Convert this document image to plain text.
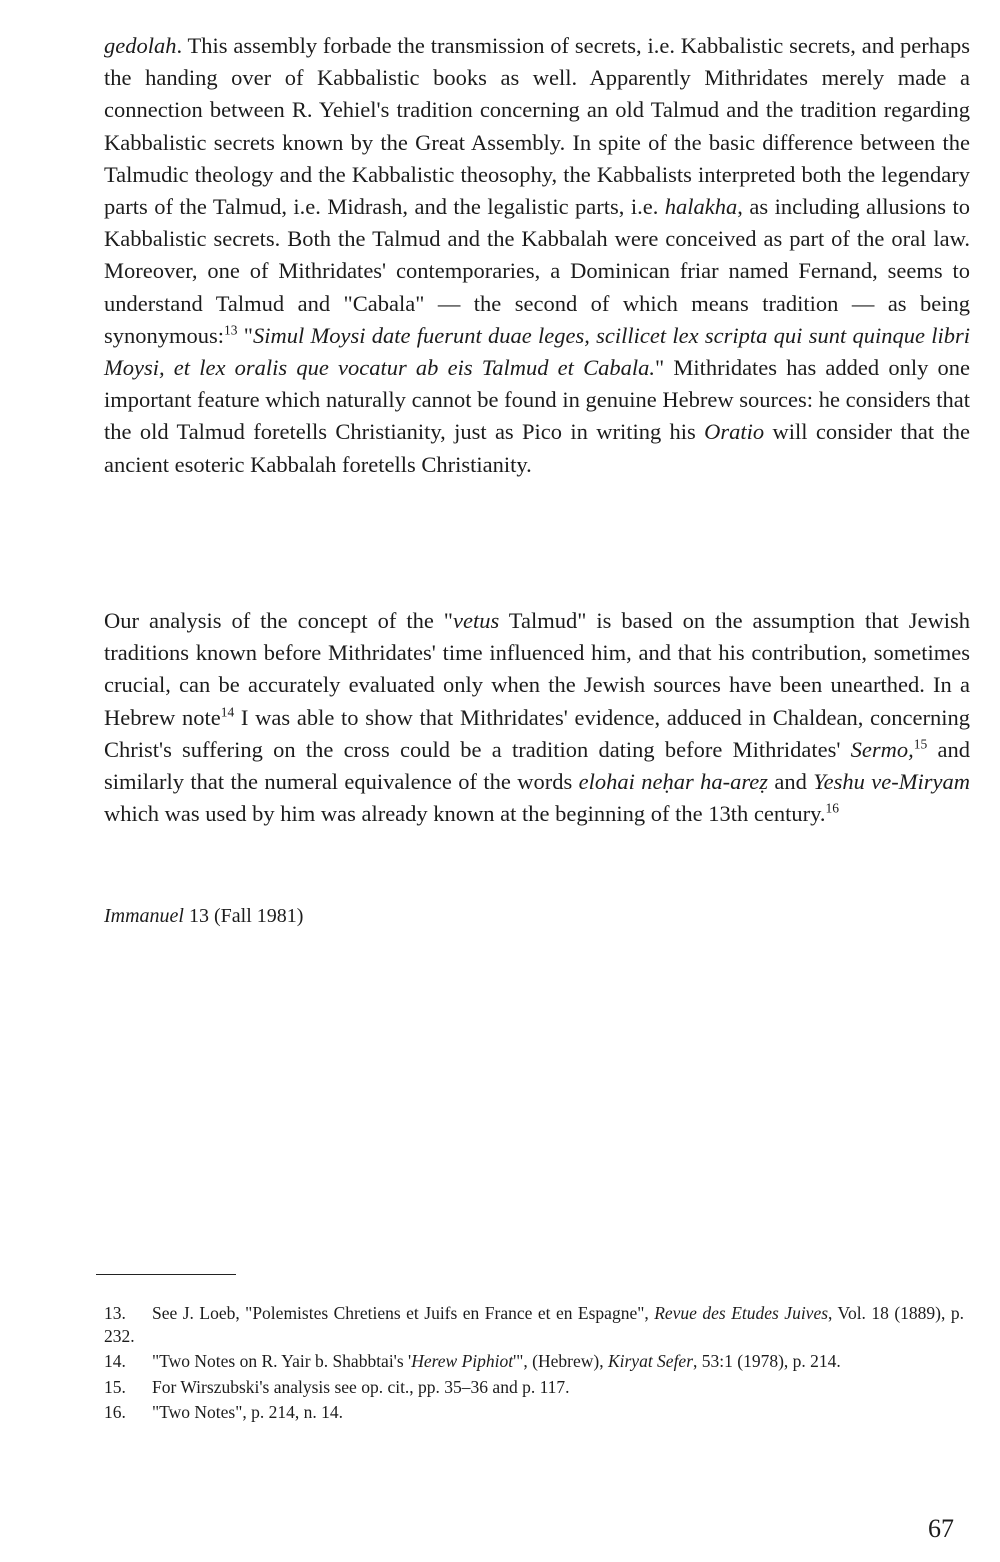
gedolah. This assembly forbade the transmission of secrets, i.e. Kabbalistic secrets, and perhaps the handing over of Kabbalistic books as well. Apparently Mithridates merely made a connection between R. Yehiel's tradition concerning an old Talmud and the tradition regarding Kabbalistic secrets known by the Great Assembly. In spite of the basic difference between the Talmudic theology and the Kabbalistic theosophy, the Kabbalists interpreted both the legendary parts of the Talmud, i.e. Midrash, and the legalistic parts, i.e. halakha, as including allusions to Kabbalistic secrets. Both the Talmud and the Kabbalah were conceived as part of the oral law. Moreover, one of Mithridates' contemporaries, a Dominican friar named Fernand, seems to understand Talmud and "Cabala" — the second of which means tradition — as being synonymous:$^{13}$ "Simul Moysi date fuerunt duae leges, scillicet lex scripta qui sunt quinque libri Moysi, et lex oralis que vocatur ab eis Talmud et Cabala." Mithridates has added only one important feature which naturally cannot be found in genuine Hebrew sources: he considers that the old Talmud foretells Christianity, just as Pico in writing his Oratio will consider that the ancient esoteric Kabbalah foretells Christianity.

Our analysis of the concept of the "vetus Talmud" is based on the assumption that Jewish traditions known before Mithridates' time influenced him, and that his contribution, sometimes crucial, can be accurately evaluated only when the Jewish sources have been unearthed. In a Hebrew note$^{14}$ I was able to show that Mithridates' evidence, adduced in Chaldean, concerning Christ's suffering on the cross could be a tradition dating before Mithridates' Sermo,$^{15}$ and similarly that the numeral equivalence of the words elohai neḥar ha-areẓ and Yeshu ve-Miryam which was used by him was already known at the beginning of the 13th century.$^{16}$

Immanuel 13 (Fall 1981)

13. See J. Loeb, "Polemistes Chretiens et Juifs en France et en Espagne", Revue des Etudes Juives, Vol. 18 (1889), p. 232.

14. "Two Notes on R. Yair b. Shabbtai's 'Herew Piphiot'", (Hebrew), Kiryat Sefer, 53:1 (1978), p. 214.

15. For Wirszubski's analysis see op. cit., pp. 35–36 and p. 117.

16. "Two Notes", p. 214, n. 14.

67
